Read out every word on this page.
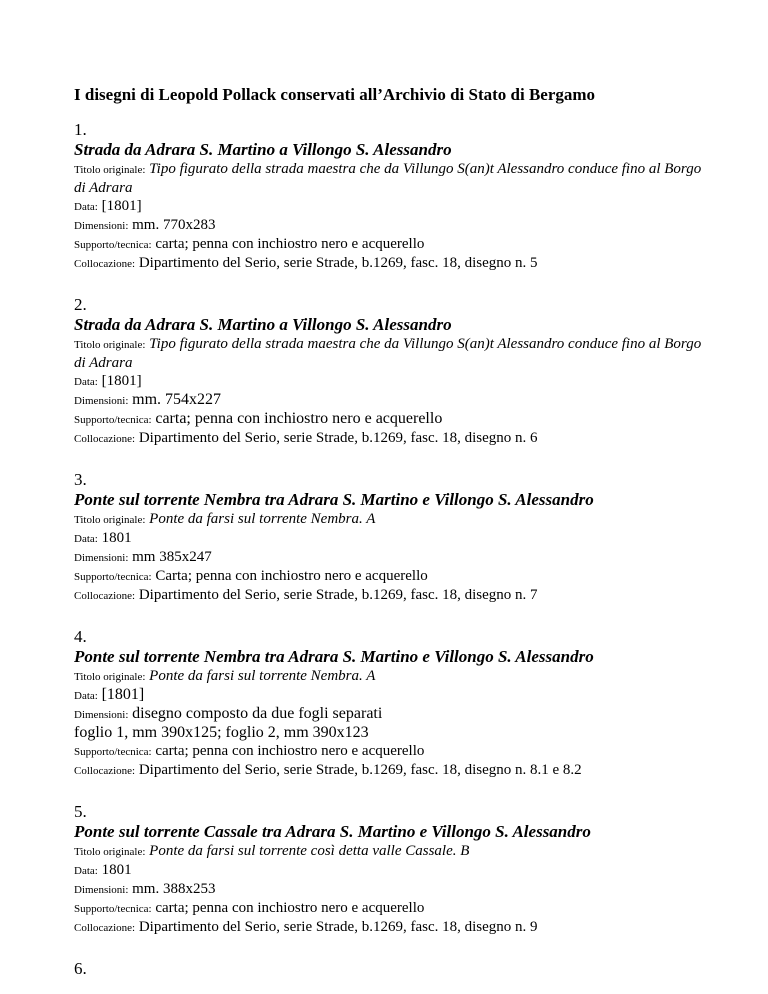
I disegni di Leopold Pollack conservati all’Archivio di Stato di Bergamo
1.
Strada da Adrara S. Martino a Villongo S. Alessandro
Titolo originale: Tipo figurato della strada maestra che da Villungo S(an)t Alessandro conduce fino al Borgo di Adrara
Data: [1801]
Dimensioni: mm. 770x283
Supporto/tecnica: carta; penna con inchiostro nero e acquerello
Collocazione: Dipartimento del Serio, serie Strade, b.1269, fasc. 18, disegno n. 5
2.
Strada da Adrara S. Martino a Villongo S. Alessandro
Titolo originale: Tipo figurato della strada maestra che da Villungo S(an)t Alessandro conduce fino al Borgo di Adrara
Data: [1801]
Dimensioni: mm. 754x227
Supporto/tecnica: carta; penna con inchiostro nero e acquerello
Collocazione: Dipartimento del Serio, serie Strade, b.1269, fasc. 18, disegno n. 6
3.
Ponte sul torrente Nembra tra Adrara S. Martino e Villongo S. Alessandro
Titolo originale: Ponte da farsi sul torrente Nembra. A
Data: 1801
Dimensioni: mm 385x247
Supporto/tecnica: Carta; penna con inchiostro nero e acquerello
Collocazione: Dipartimento del Serio, serie Strade, b.1269, fasc. 18, disegno n. 7
4.
Ponte sul torrente Nembra tra Adrara S. Martino e Villongo S. Alessandro
Titolo originale: Ponte da farsi sul torrente Nembra. A
Data: [1801]
Dimensioni: disegno composto da due fogli separati
foglio 1, mm 390x125; foglio 2, mm 390x123
Supporto/tecnica: carta; penna con inchiostro nero e acquerello
Collocazione: Dipartimento del Serio, serie Strade, b.1269, fasc. 18, disegno n. 8.1 e 8.2
5.
Ponte sul torrente Cassale tra Adrara S. Martino e Villongo S. Alessandro
Titolo originale: Ponte da farsi sul torrente così detta valle Cassale. B
Data: 1801
Dimensioni: mm. 388x253
Supporto/tecnica: carta; penna con inchiostro nero e acquerello
Collocazione: Dipartimento del Serio, serie Strade, b.1269, fasc. 18, disegno n. 9
6.
